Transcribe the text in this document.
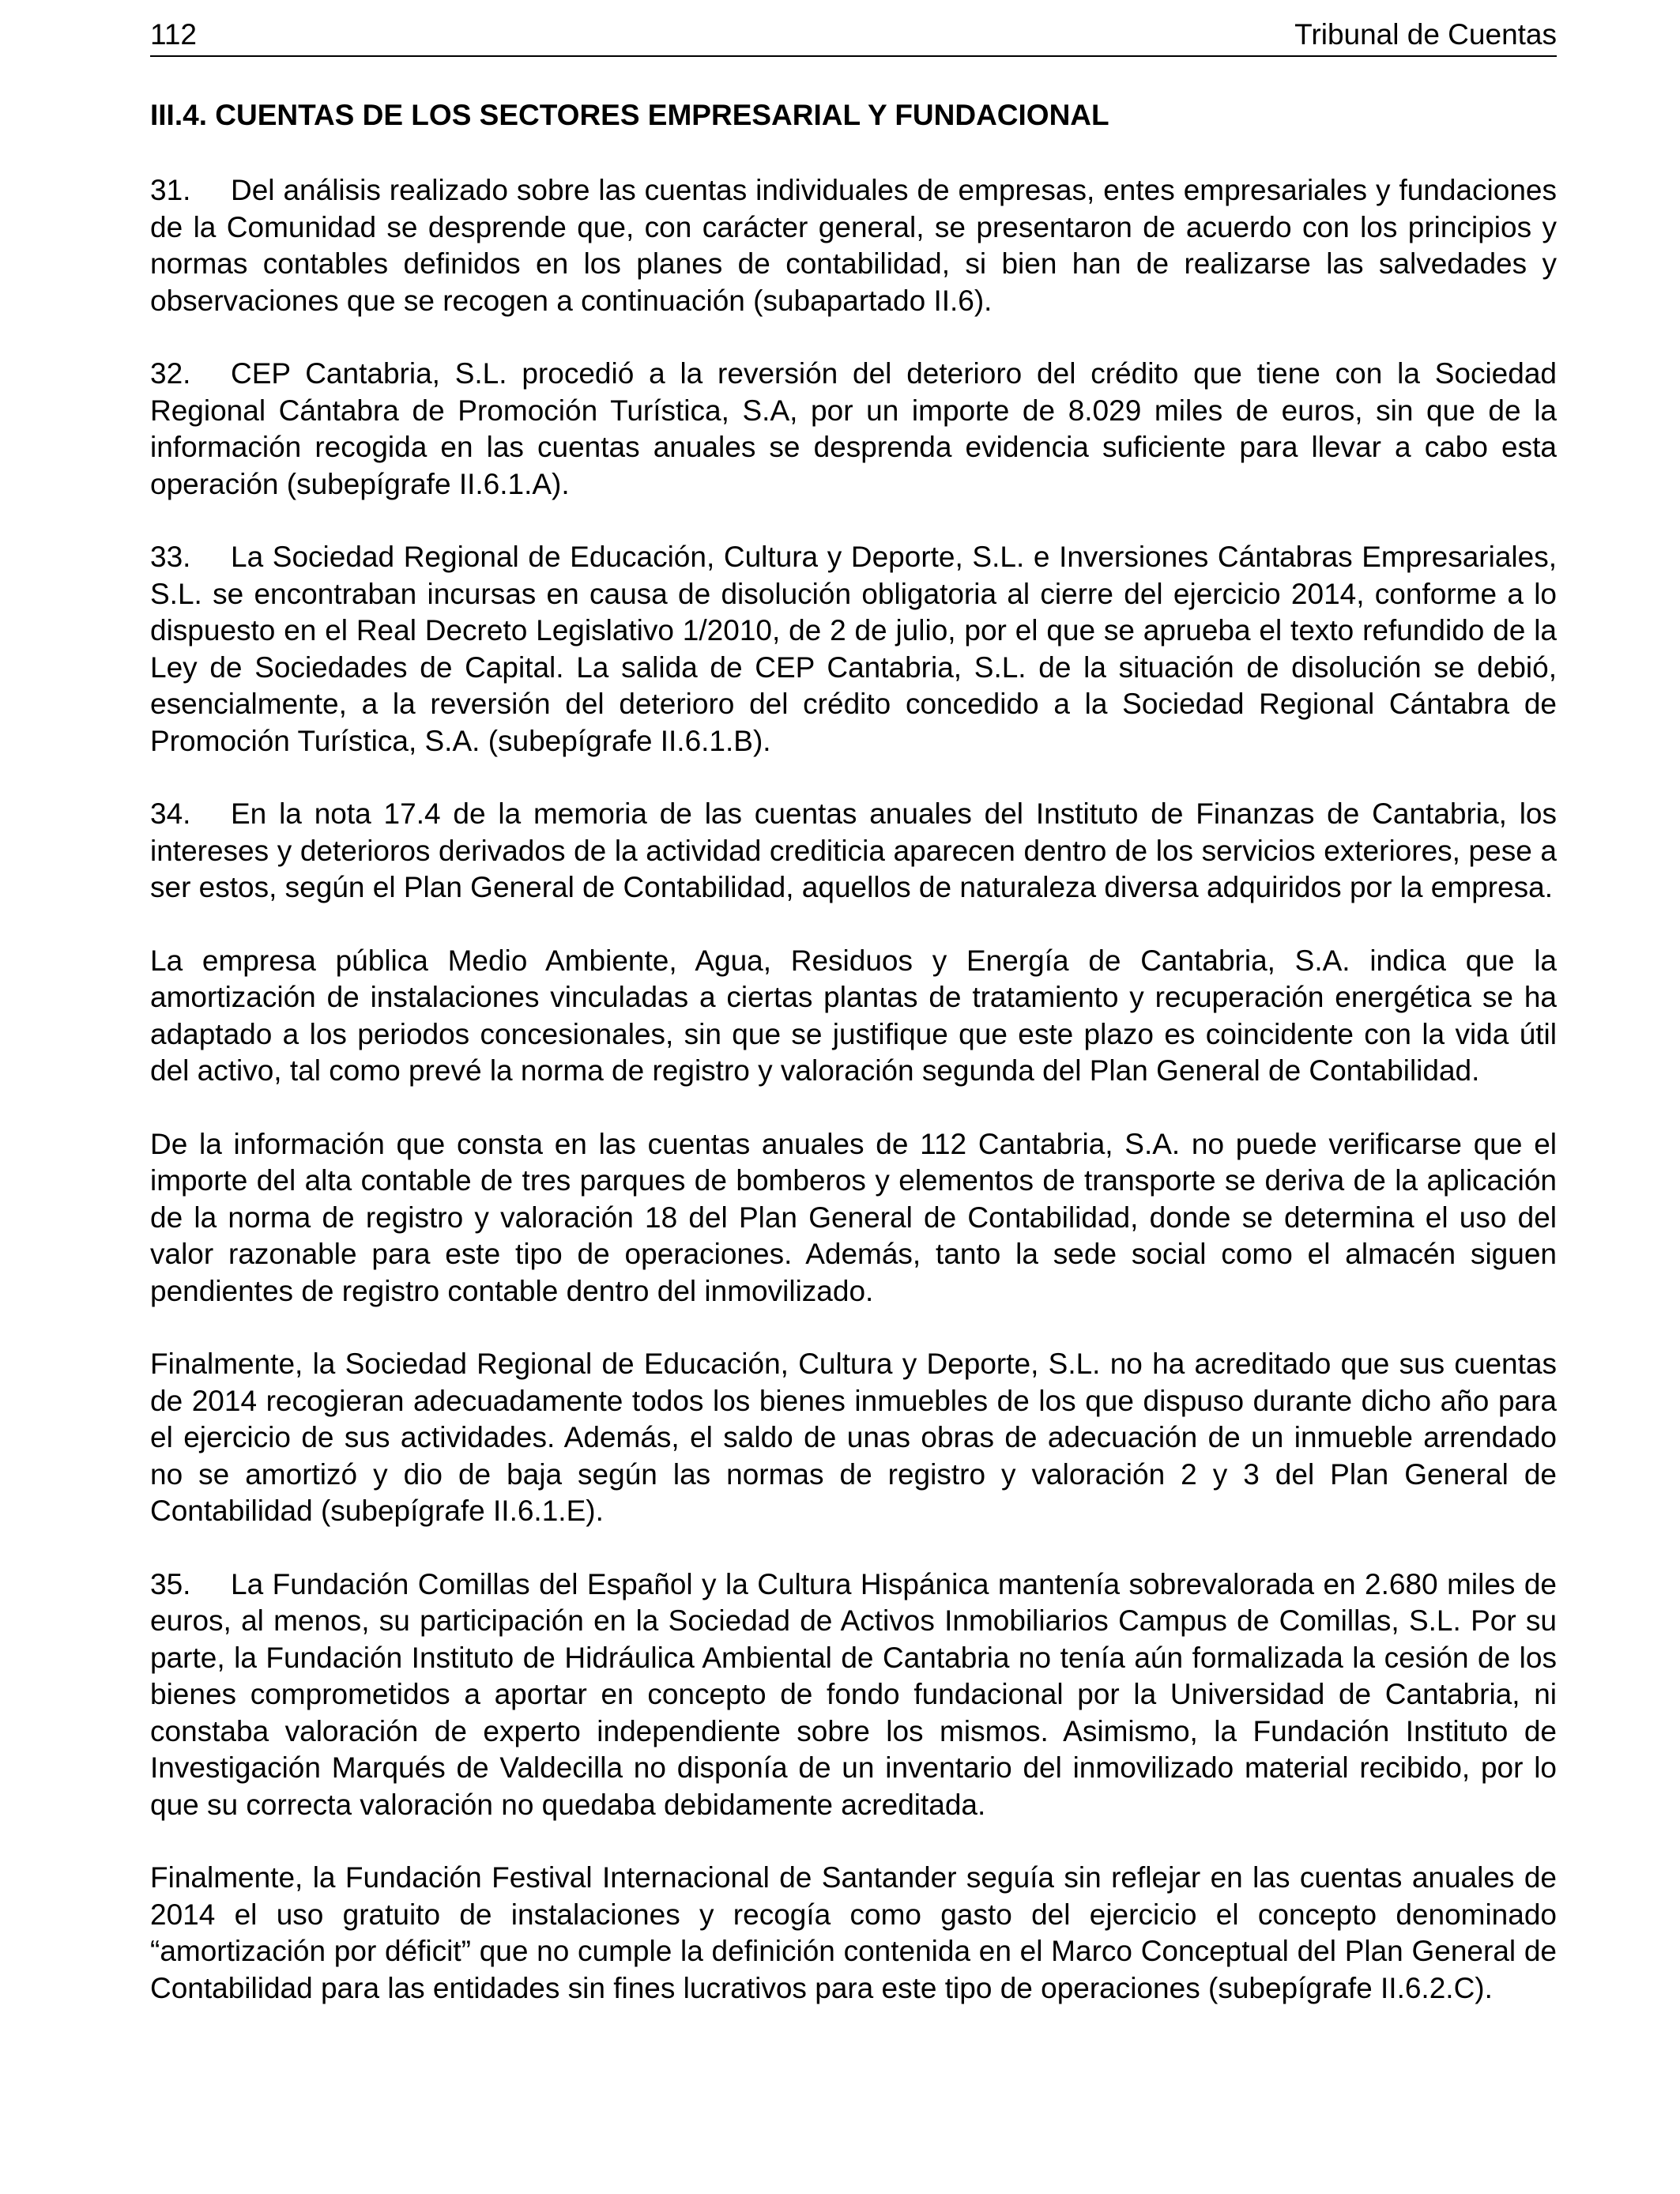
112	Tribunal de Cuentas
III.4. CUENTAS DE LOS SECTORES EMPRESARIAL Y FUNDACIONAL

31. Del análisis realizado sobre las cuentas individuales de empresas, entes empresariales y fundaciones de la Comunidad se desprende que, con carácter general, se presentaron de acuerdo con los principios y normas contables definidos en los planes de contabilidad, si bien han de realizarse las salvedades y observaciones que se recogen a continuación (subapartado II.6).

32. CEP Cantabria, S.L. procedió a la reversión del deterioro del crédito que tiene con la Sociedad Regional Cántabra de Promoción Turística, S.A, por un importe de 8.029 miles de euros, sin que de la información recogida en las cuentas anuales se desprenda evidencia suficiente para llevar a cabo esta operación (subepígrafe II.6.1.A).

33. La Sociedad Regional de Educación, Cultura y Deporte, S.L. e Inversiones Cántabras Empresariales, S.L. se encontraban incursas en causa de disolución obligatoria al cierre del ejercicio 2014, conforme a lo dispuesto en el Real Decreto Legislativo 1/2010, de 2 de julio, por el que se aprueba el texto refundido de la Ley de Sociedades de Capital. La salida de CEP Cantabria, S.L. de la situación de disolución se debió, esencialmente, a la reversión del deterioro del crédito concedido a la Sociedad Regional Cántabra de Promoción Turística, S.A. (subepígrafe II.6.1.B).

34. En la nota 17.4 de la memoria de las cuentas anuales del Instituto de Finanzas de Cantabria, los intereses y deterioros derivados de la actividad crediticia aparecen dentro de los servicios exteriores, pese a ser estos, según el Plan General de Contabilidad, aquellos de naturaleza diversa adquiridos por la empresa.

La empresa pública Medio Ambiente, Agua, Residuos y Energía de Cantabria, S.A. indica que la amortización de instalaciones vinculadas a ciertas plantas de tratamiento y recuperación energética se ha adaptado a los periodos concesionales, sin que se justifique que este plazo es coincidente con la vida útil del activo, tal como prevé la norma de registro y valoración segunda del Plan General de Contabilidad.

De la información que consta en las cuentas anuales de 112 Cantabria, S.A. no puede verificarse que el importe del alta contable de tres parques de bomberos y elementos de transporte se deriva de la aplicación de la norma de registro y valoración 18 del Plan General de Contabilidad, donde se determina el uso del valor razonable para este tipo de operaciones. Además, tanto la sede social como el almacén siguen pendientes de registro contable dentro del inmovilizado.

Finalmente, la Sociedad Regional de Educación, Cultura y Deporte, S.L. no ha acreditado que sus cuentas de 2014 recogieran adecuadamente todos los bienes inmuebles de los que dispuso durante dicho año para el ejercicio de sus actividades. Además, el saldo de unas obras de adecuación de un inmueble arrendado no se amortizó y dio de baja según las normas de registro y valoración 2 y 3 del Plan General de Contabilidad (subepígrafe II.6.1.E).

35. La Fundación Comillas del Español y la Cultura Hispánica mantenía sobrevalorada en 2.680 miles de euros, al menos, su participación en la Sociedad de Activos Inmobiliarios Campus de Comillas, S.L. Por su parte, la Fundación Instituto de Hidráulica Ambiental de Cantabria no tenía aún formalizada la cesión de los bienes comprometidos a aportar en concepto de fondo fundacional por la Universidad de Cantabria, ni constaba valoración de experto independiente sobre los mismos. Asimismo, la Fundación Instituto de Investigación Marqués de Valdecilla no disponía de un inventario del inmovilizado material recibido, por lo que su correcta valoración no quedaba debidamente acreditada.

Finalmente, la Fundación Festival Internacional de Santander seguía sin reflejar en las cuentas anuales de 2014 el uso gratuito de instalaciones y recogía como gasto del ejercicio el concepto denominado “amortización por déficit” que no cumple la definición contenida en el Marco Conceptual del Plan General de Contabilidad para las entidades sin fines lucrativos para este tipo de operaciones (subepígrafe II.6.2.C).
